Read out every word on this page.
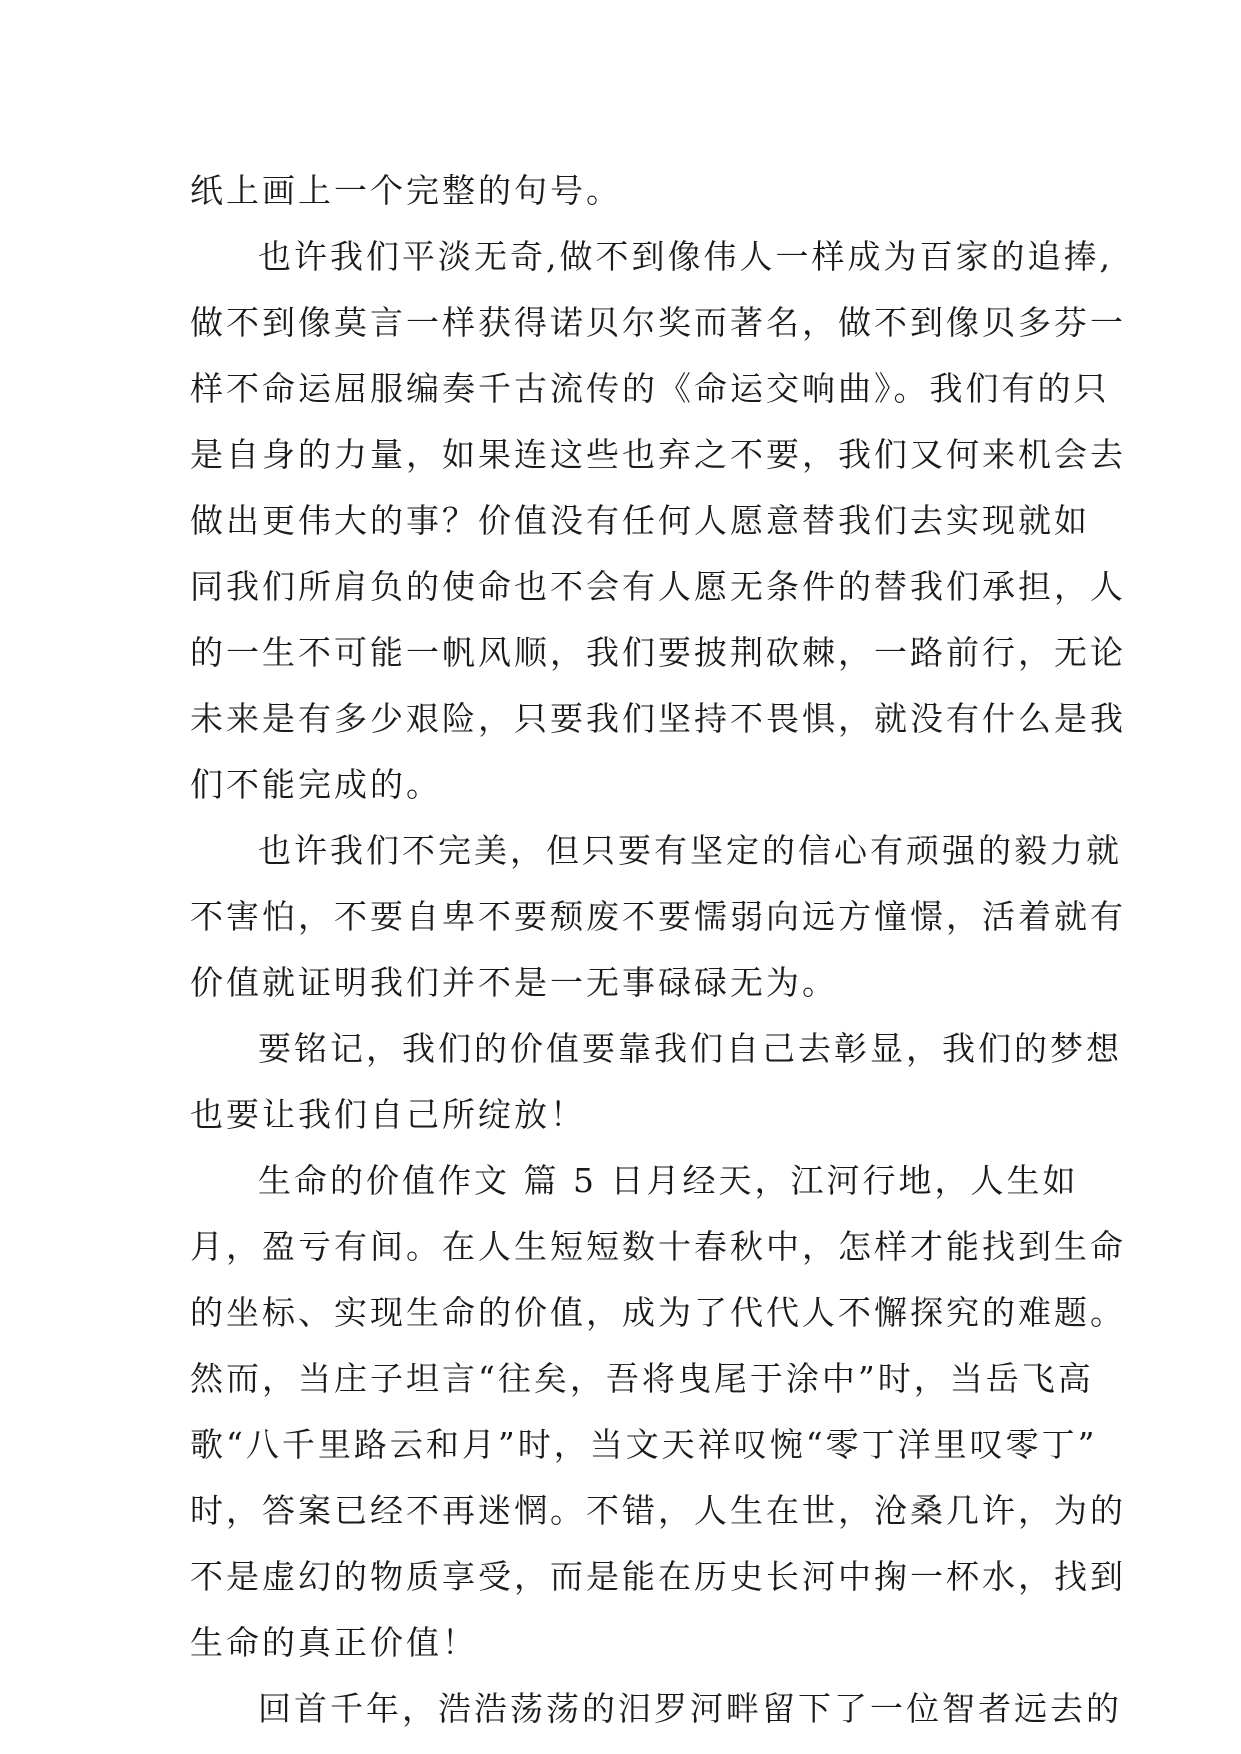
纸上画上一个完整的句号。
也许我们平淡无奇,做不到像伟人一样成为百家的追捧,
做不到像莫言一样获得诺贝尔奖而著名，做不到像贝多芬一
样不命运屈服编奏千古流传的《命运交响曲》。我们有的只
是自身的力量，如果连这些也弃之不要，我们又何来机会去
做出更伟大的事？价值没有任何人愿意替我们去实现就如
同我们所肩负的使命也不会有人愿无条件的替我们承担，人
的一生不可能一帆风顺，我们要披荆砍棘，一路前行，无论
未来是有多少艰险，只要我们坚持不畏惧，就没有什么是我
们不能完成的。
也许我们不完美，但只要有坚定的信心有顽强的毅力就
不害怕，不要自卑不要颓废不要懦弱向远方憧憬，活着就有
价值就证明我们并不是一无事碌碌无为。
要铭记，我们的价值要靠我们自己去彰显，我们的梦想
也要让我们自己所绽放！
生命的价值作文 篇 5 日月经天，江河行地，人生如
月，盈亏有间。在人生短短数十春秋中，怎样才能找到生命
的坐标、实现生命的价值，成为了代代人不懈探究的难题。
然而，当庄子坦言“往矣，吾将曳尾于涂中”时，当岳飞高
歌“八千里路云和月”时，当文天祥叹惋“零丁洋里叹零丁”
时，答案已经不再迷惘。不错，人生在世，沧桑几许，为的
不是虚幻的物质享受，而是能在历史长河中掬一杯水，找到
生命的真正价值！
回首千年，浩浩荡荡的汨罗河畔留下了一位智者远去的
